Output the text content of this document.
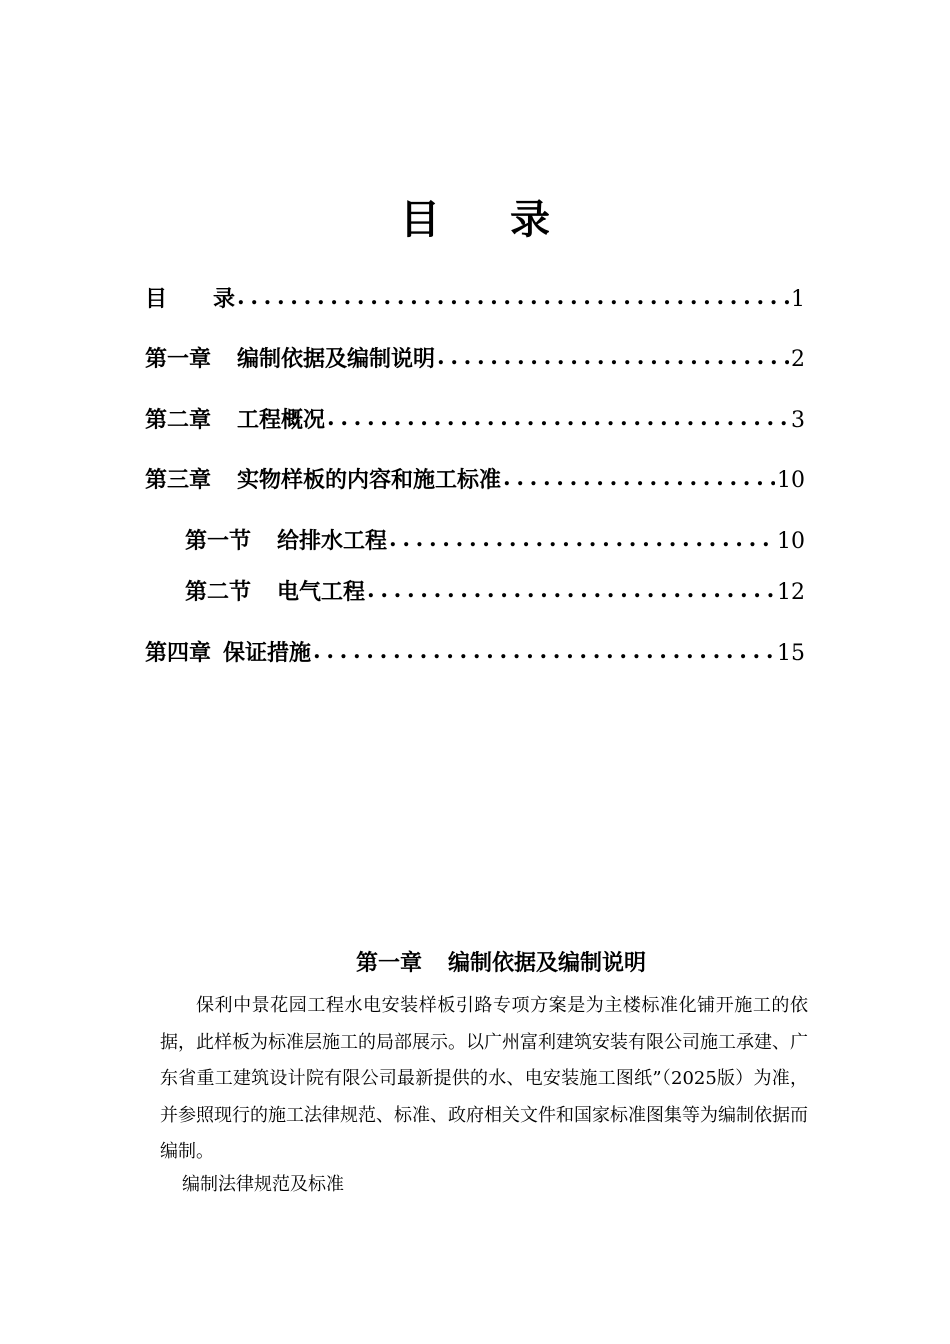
目 录
目 录 . . .	1
第一章 编制依据及编制说明 . . .	2
第二章 工程概况 . . .	3
第三章 实物样板的内容和施工标准 . . .	10
第一节 给排水工程 . . .	10
第二节 电气工程 . . .	12
第四章 保证措施 . . .	15
第一章 编制依据及编制说明
保利中景花园工程水电安装样板引路专项方案是为主楼标准化铺开施工的依据，此样板为标准层施工的局部展示。以广州富利建筑安装有限公司施工承建、广东省重工建筑设计院有限公司最新提供的水、电安装施工图纸”（2025版）为准，并参照现行的施工法律规范、标准、政府相关文件和国家标准图集等为编制依据而编制。
编制法律规范及标准
